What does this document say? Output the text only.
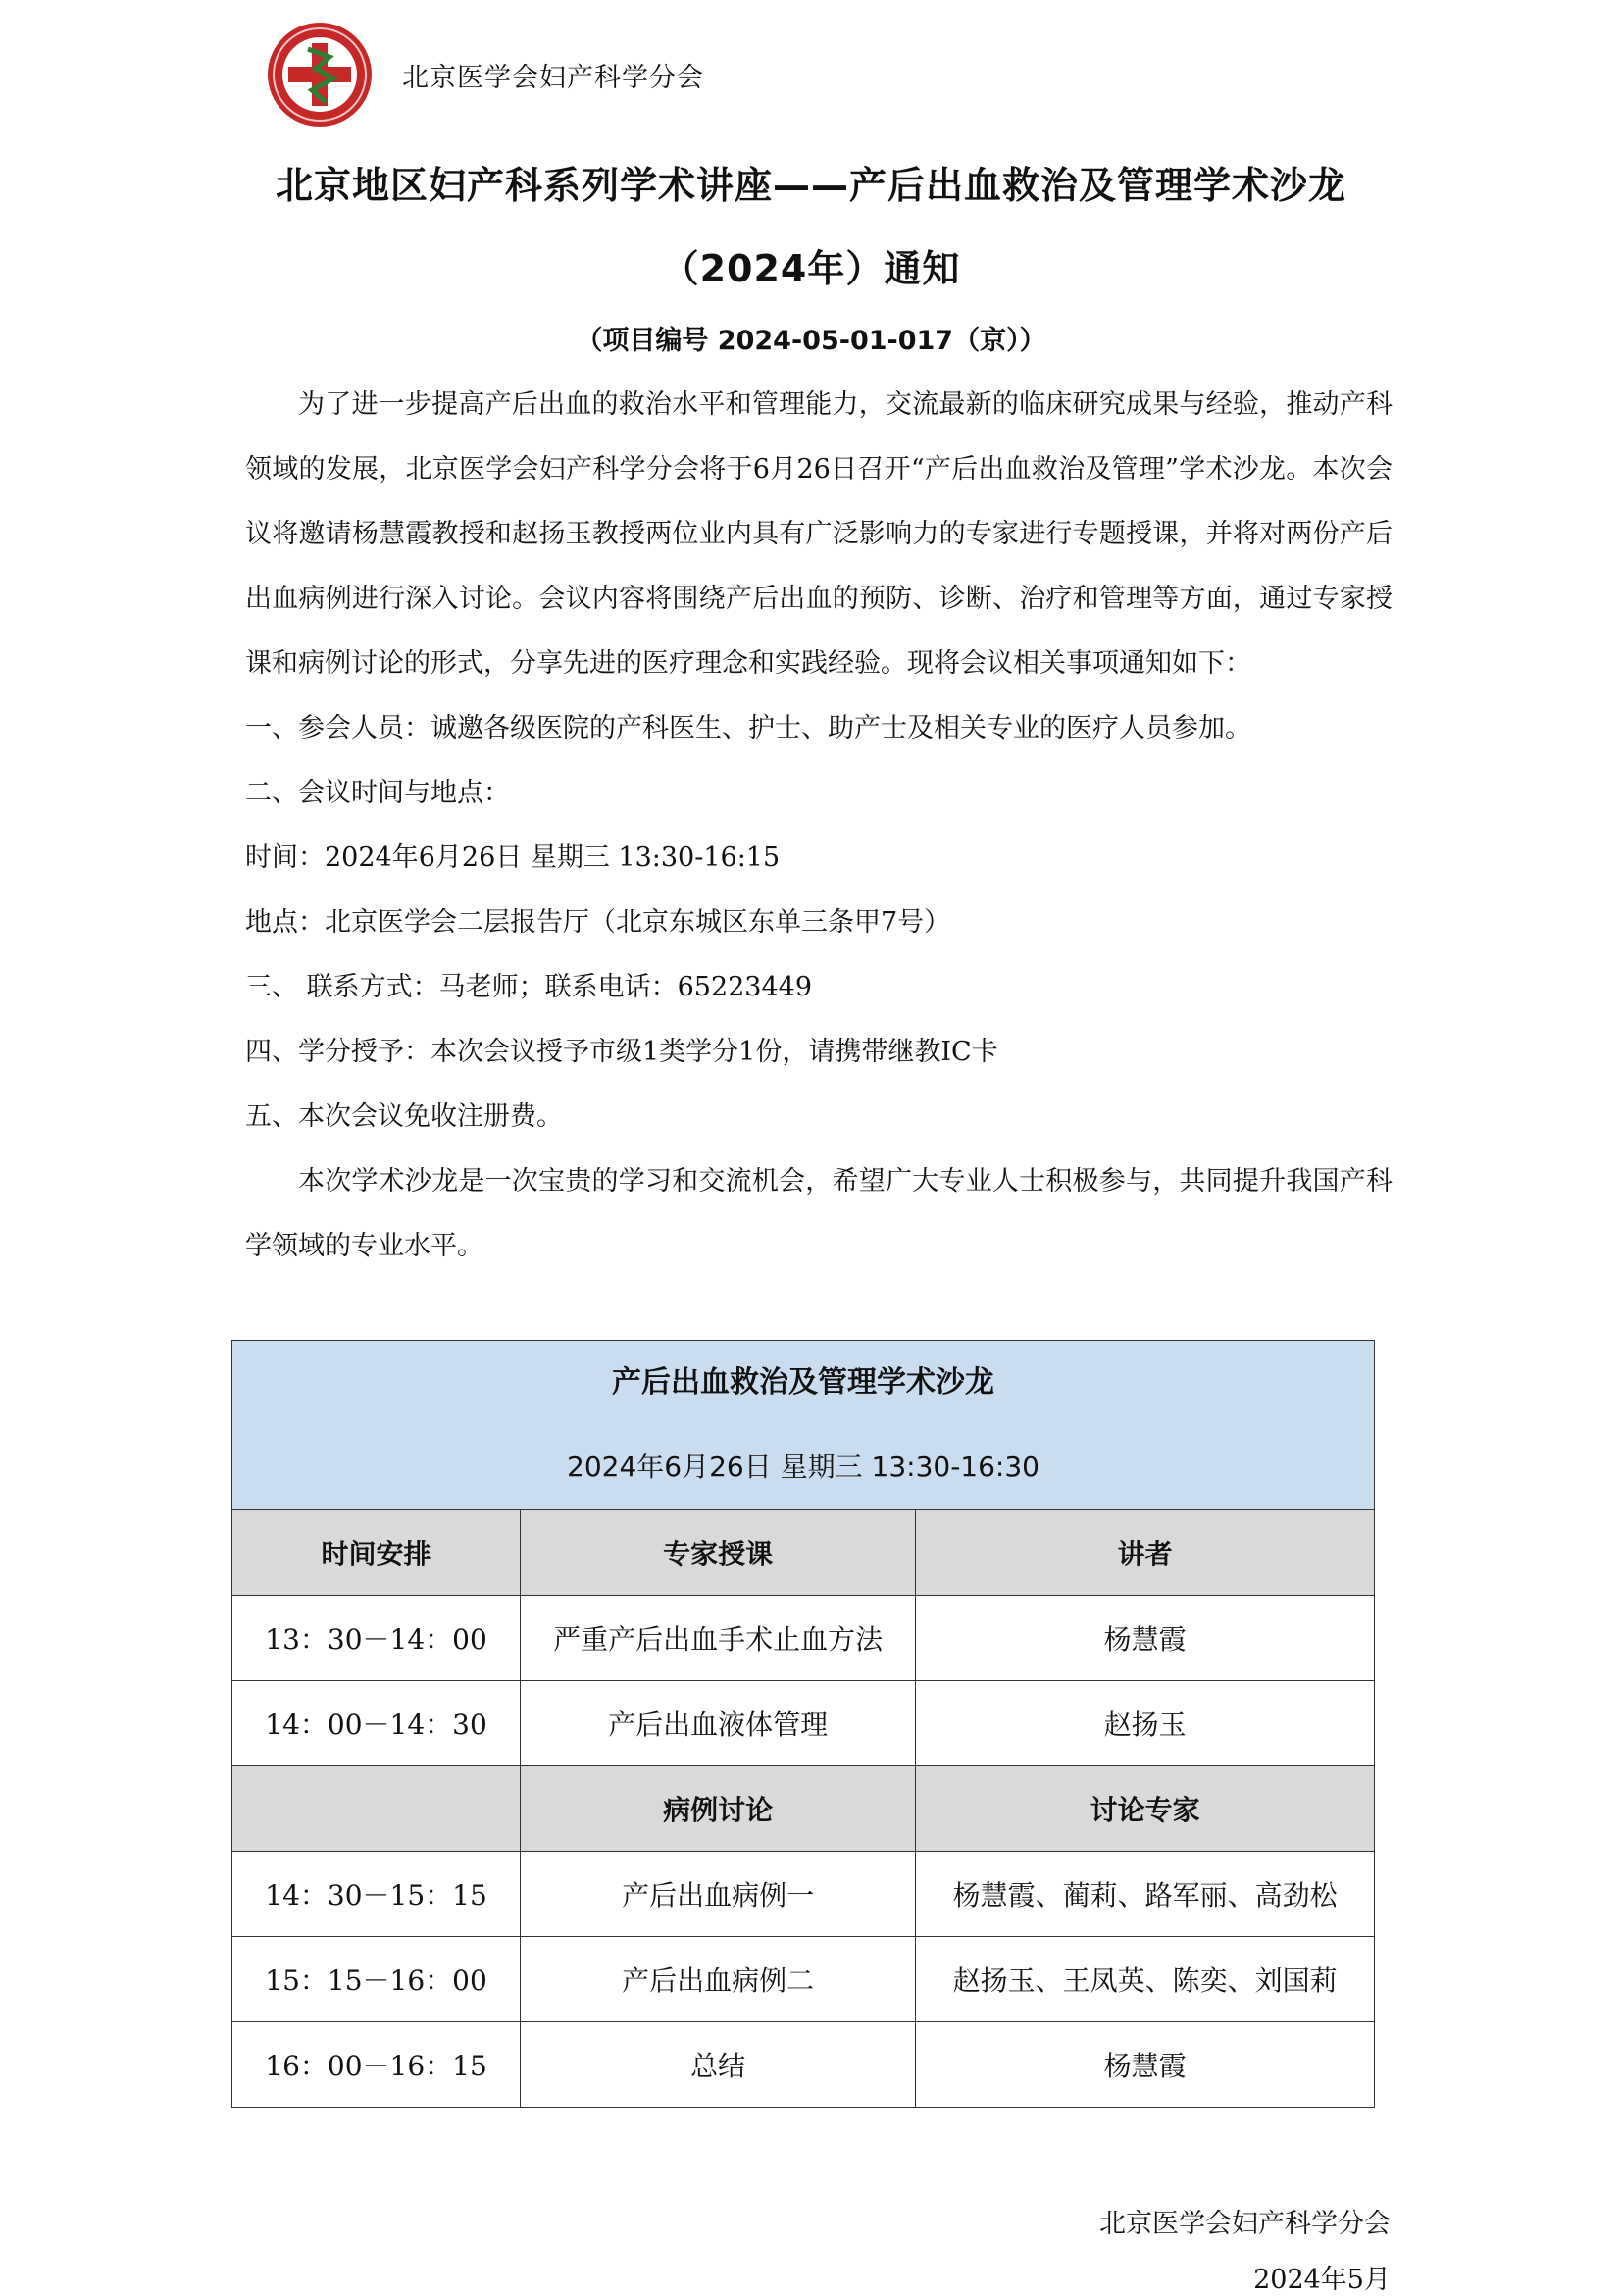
北京医学会妇产科学分会
北京地区妇产科系列学术讲座——产后出血救治及管理学术沙龙
（2024年）通知
（项目编号 2024-05-01-017（京））

为了进一步提高产后出血的救治水平和管理能力，交流最新的临床研究成果与经验，推动产科领域的发展，北京医学会妇产科学分会将于6月26日召开“产后出血救治及管理”学术沙龙。本次会议将邀请杨慧霞教授和赵扬玉教授两位业内具有广泛影响力的专家进行专题授课，并将对两份产后出血病例进行深入讨论。会议内容将围绕产后出血的预防、诊断、治疗和管理等方面，通过专家授课和病例讨论的形式，分享先进的医疗理念和实践经验。现将会议相关事项通知如下：

一、参会人员：诚邀各级医院的产科医生、护士、助产士及相关专业的医疗人员参加。

二、会议时间与地点：

时间：2024年6月26日 星期三 13:30-16:15

地点：北京医学会二层报告厅（北京东城区东单三条甲7号）

三、 联系方式：马老师；联系电话：65223449

四、学分授予：本次会议授予市级1类学分1份，请携带继教IC卡

五、本次会议免收注册费。

本次学术沙龙是一次宝贵的学习和交流机会，希望广大专业人士积极参与，共同提升我国产科学领域的专业水平。

产后出血救治及管理学术沙龙
2024年6月26日 星期三 13:30-16:30		

时间安排	专家授课	讲者
13：30－14：00	严重产后出血手术止血方法	杨慧霞
14：00－14：30	产后出血液体管理	赵扬玉
	病例讨论	讨论专家
14：30－15：15	产后出血病例一	杨慧霞、蔺莉、路军丽、高劲松
15：15－16：00	产后出血病例二	赵扬玉、王凤英、陈奕、刘国莉
16：00－16：15	总结	杨慧霞
北京医学会妇产科学分会
2024年5月
